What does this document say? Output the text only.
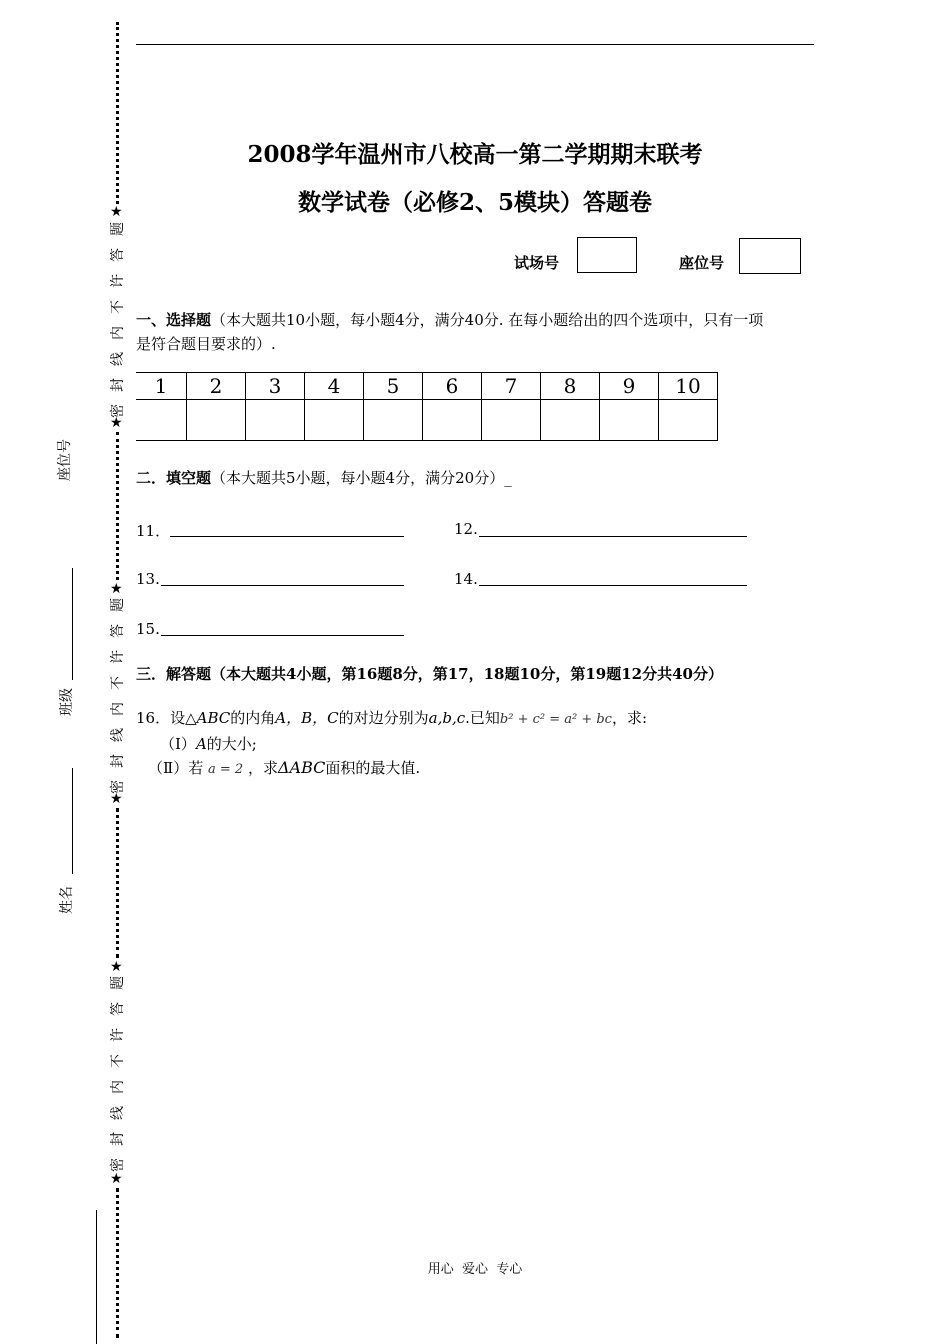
★
题
答
许
不
内
线
封
密
★
★
题
答
许
不
内
线
封
密
★
★
题
答
许
不
内
线
封
密
★
座位号
班级
姓名
2008学年温州市八校高一第二学期期末联考
数学试卷（必修2、5模块）答题卷
试场号	座位号
一、选择题（本大题共10小题，每小题4分，满分40分. 在每小题给出的四个选项中，只有一项
是符合题目要求的）.
1	2	3	4	5	6	7	8	9	10

二．填空题（本大题共5小题，每小题4分，满分20分）_
11．	12.
13.	14.
15.
三．解答题（本大题共4小题，第16题8分，第17，18题10分，第19题12分共40分）
16．设△ABC的内角A，B，C的对边分别为a,b,c.已知b² + c² = a² + bc，求:
（Ⅰ）A的大小;
（Ⅱ）若 a = 2 ，求ΔABC面积的最大值.
用心  爱心  专心
